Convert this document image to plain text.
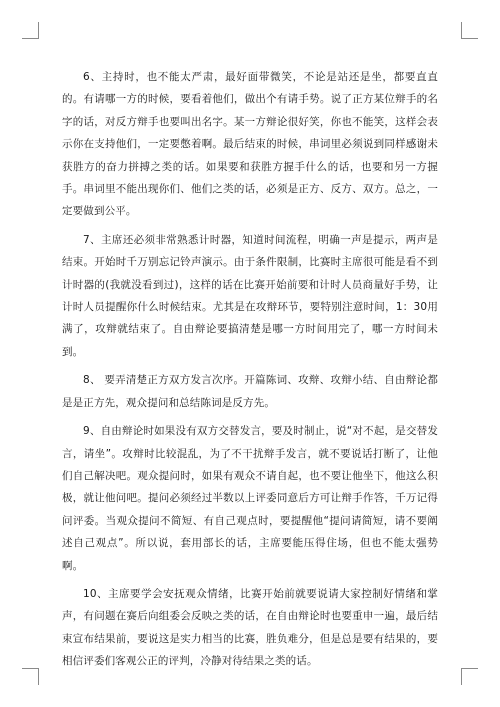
6、主持时，也不能太严肃，最好面带微笑，不论是站还是坐，都要直直的。有请哪一方的时候，要看着他们，做出个有请手势。说了正方某位辩手的名字的话，对反方辩手也要叫出名字。某一方辩论很好笑，你也不能笑，这样会表示你在支持他们，一定要憋着啊。最后结束的时候，串词里必须说到同样感谢未获胜方的奋力拼搏之类的话。如果要和获胜方握手什么的话，也要和另一方握手。串词里不能出现你们、他们之类的话，必须是正方、反方、双方。总之，一定要做到公平。

7、主席还必须非常熟悉计时器，知道时间流程，明确一声是提示，两声是结束。开始时千万别忘记铃声演示。由于条件限制，比赛时主席很可能是看不到计时器的(我就没看到过)，这样的话在比赛开始前要和计时人员商量好手势，让计时人员提醒你什么时候结束。尤其是在攻辩环节，要特别注意时间，1：30用满了，攻辩就结束了。自由辩论要搞清楚是哪一方时间用完了，哪一方时间未到。

8、 要弄清楚正方双方发言次序。开篇陈词、攻辩、攻辩小结、自由辩论都是是正方先，观众提问和总结陈词是反方先。

9、自由辩论时如果没有双方交替发言，要及时制止，说“对不起，是交替发言，请坐”。攻辩时比较混乱，为了不干扰辩手发言，就不要说话打断了，让他们自己解决吧。观众提问时，如果有观众不请自起，也不要让他坐下，他这么积极，就让他问吧。提问必须经过半数以上评委同意后方可让辩手作答，千万记得问评委。当观众提问不简短、有自己观点时，要提醒他“提问请简短，请不要阐述自己观点”。所以说，套用部长的话，主席要能压得住场，但也不能太强势啊。

10、主席要学会安抚观众情绪，比赛开始前就要说请大家控制好情绪和掌声，有问题在赛后向组委会反映之类的话，在自由辩论时也要重申一遍，最后结束宣布结果前，要说这是实力相当的比赛，胜负难分，但是总是要有结果的，要相信评委们客观公正的评判，冷静对待结果之类的话。
